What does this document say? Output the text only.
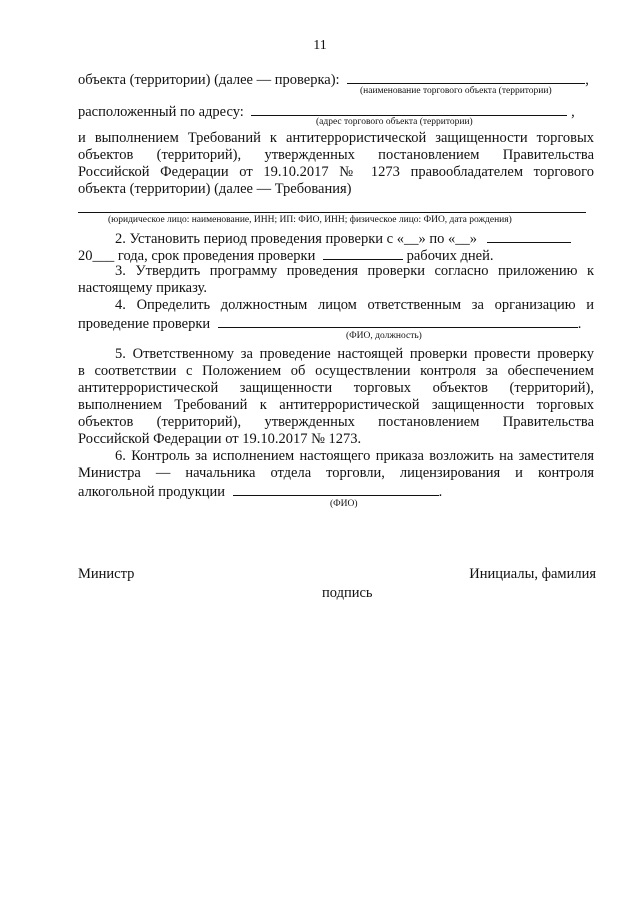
11
объекта (территории) (далее — проверка):	,
(наименование торгового объекта (территории)
расположенный по адресу:	,
(адрес торгового объекта (территории)
и выполнением Требований к антитеррористической защищенности торговых
объектов (территорий), утвержденных постановлением Правительства
Российской Федерации от 19.10.2017 № 1273 правообладателем торгового
объекта (территории) (далее — Требования)
(юридическое лицо: наименование, ИНН; ИП: ФИО, ИНН; физическое лицо: ФИО, дата рождения)
2. Установить период проведения проверки с «__» по «__»
20___ года, срок проведения проверки	рабочих дней.
3. Утвердить программу проведения проверки согласно приложению к
настоящему приказу.
4. Определить должностным лицом ответственным за организацию и
проведение проверки	.
(ФИО, должность)
5. Ответственному за проведение настоящей проверки провести проверку
в соответствии с Положением об осуществлении контроля за обеспечением
антитеррористической защищенности торговых объектов (территорий),
выполнением Требований к антитеррористической защищенности торговых
объектов (территорий), утвержденных постановлением Правительства
Российской Федерации от 19.10.2017 № 1273.
6. Контроль за исполнением настоящего приказа возложить на заместителя
Министра — начальника отдела торговли, лицензирования и контроля
алкогольной продукции	.
(ФИО)
Министр	Инициалы, фамилия
подпись
